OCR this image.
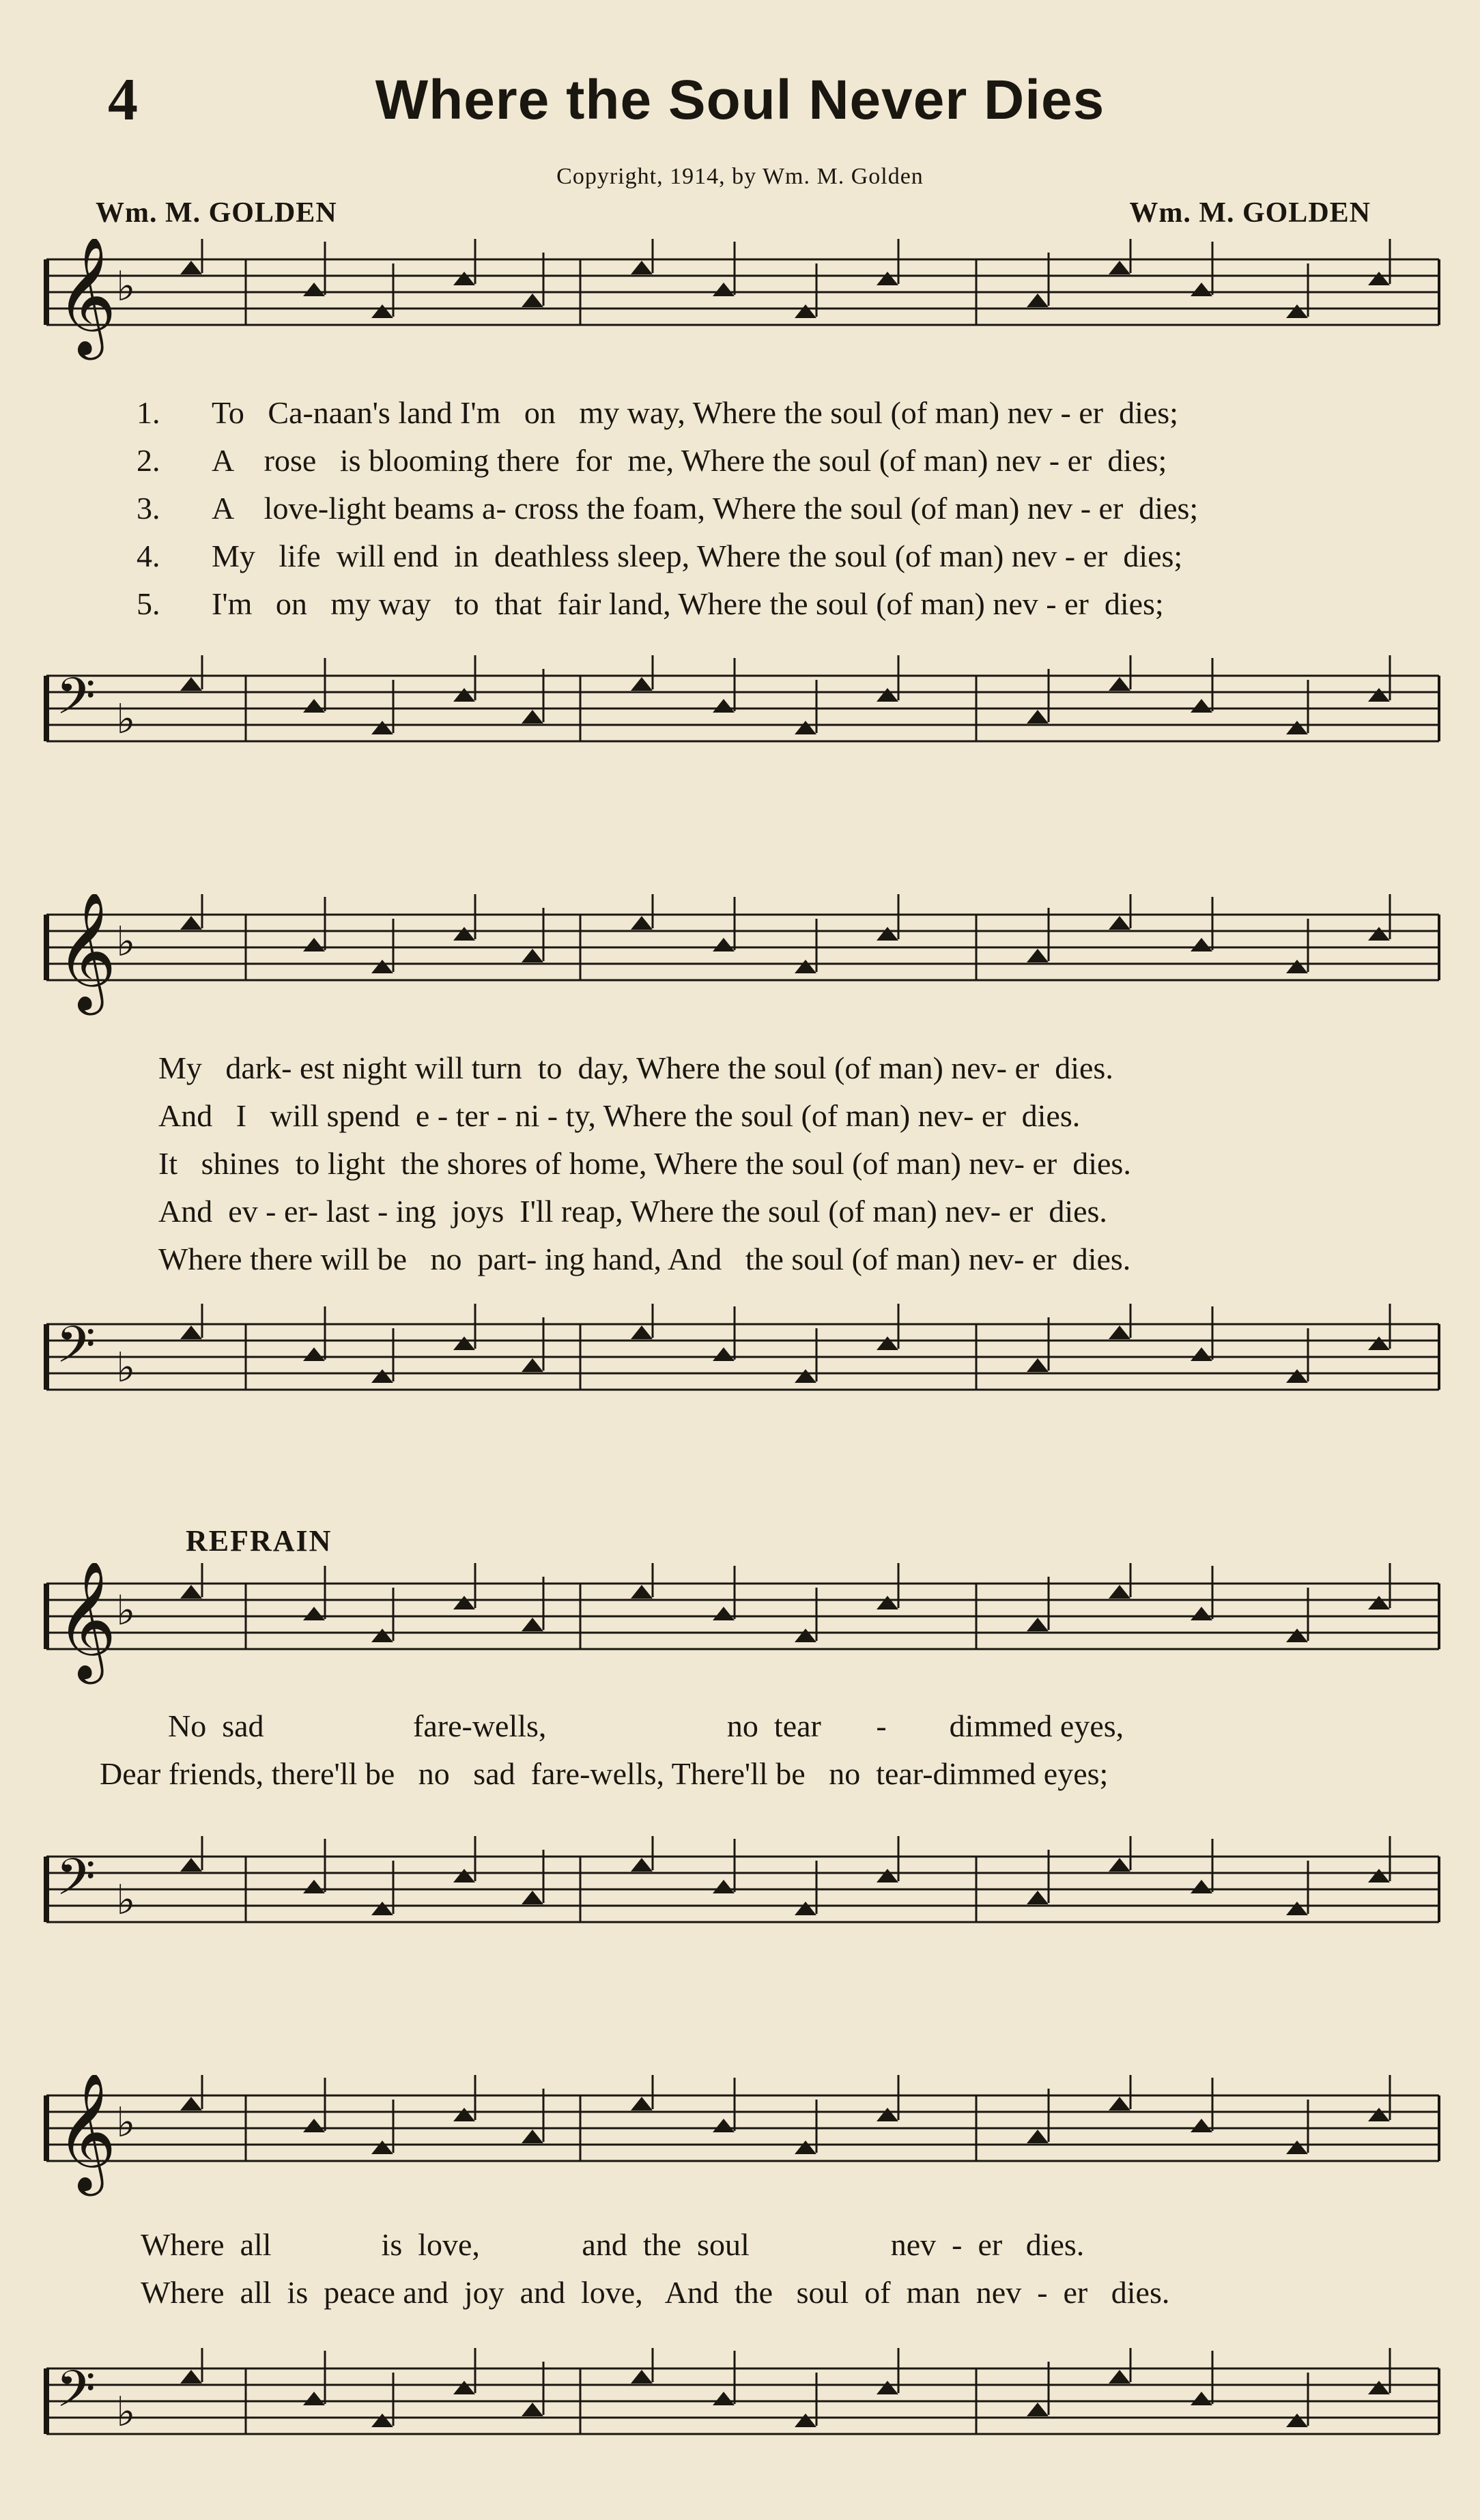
4	Where the Soul Never Dies
Copyright, 1914, by Wm. M. Golden
Wm. M. GOLDEN	Wm. M. GOLDEN
𝄞 ♭
𝄢 ♭
1. To   Ca-naan's land I'm   on   my way, Where the soul (of man) nev - er  dies;
2. A    rose   is blooming there  for  me, Where the soul (of man) nev - er  dies;
3. A    love-light beams a- cross the foam, Where the soul (of man) nev - er  dies;
4. My   life  will end  in  deathless sleep, Where the soul (of man) nev - er  dies;
5. I'm   on   my way   to  that  fair land, Where the soul (of man) nev - er  dies;
𝄞 ♭
𝄢 ♭
My   dark- est night will turn  to  day, Where the soul (of man) nev- er  dies.
And   I   will spend  e - ter - ni - ty, Where the soul (of man) nev- er  dies.
It   shines  to light  the shores of home, Where the soul (of man) nev- er  dies.
And  ev - er- last - ing  joys  I'll reap, Where the soul (of man) nev- er  dies.
Where there will be   no  part- ing hand, And   the soul (of man) nev- er  dies.
REFRAIN
𝄞 ♭
No  sad                   fare-wells,                       no  tear       -        dimmed eyes,
Dear friends, there'll be   no   sad  fare-wells, There'll be   no  tear-dimmed eyes;
𝄢 ♭
𝄞 ♭
Where  all              is  love,             and  the  soul                  nev  -  er   dies.
Where  all  is  peace and  joy  and  love,   And  the   soul  of  man  nev  -  er   dies.
𝄢 ♭
